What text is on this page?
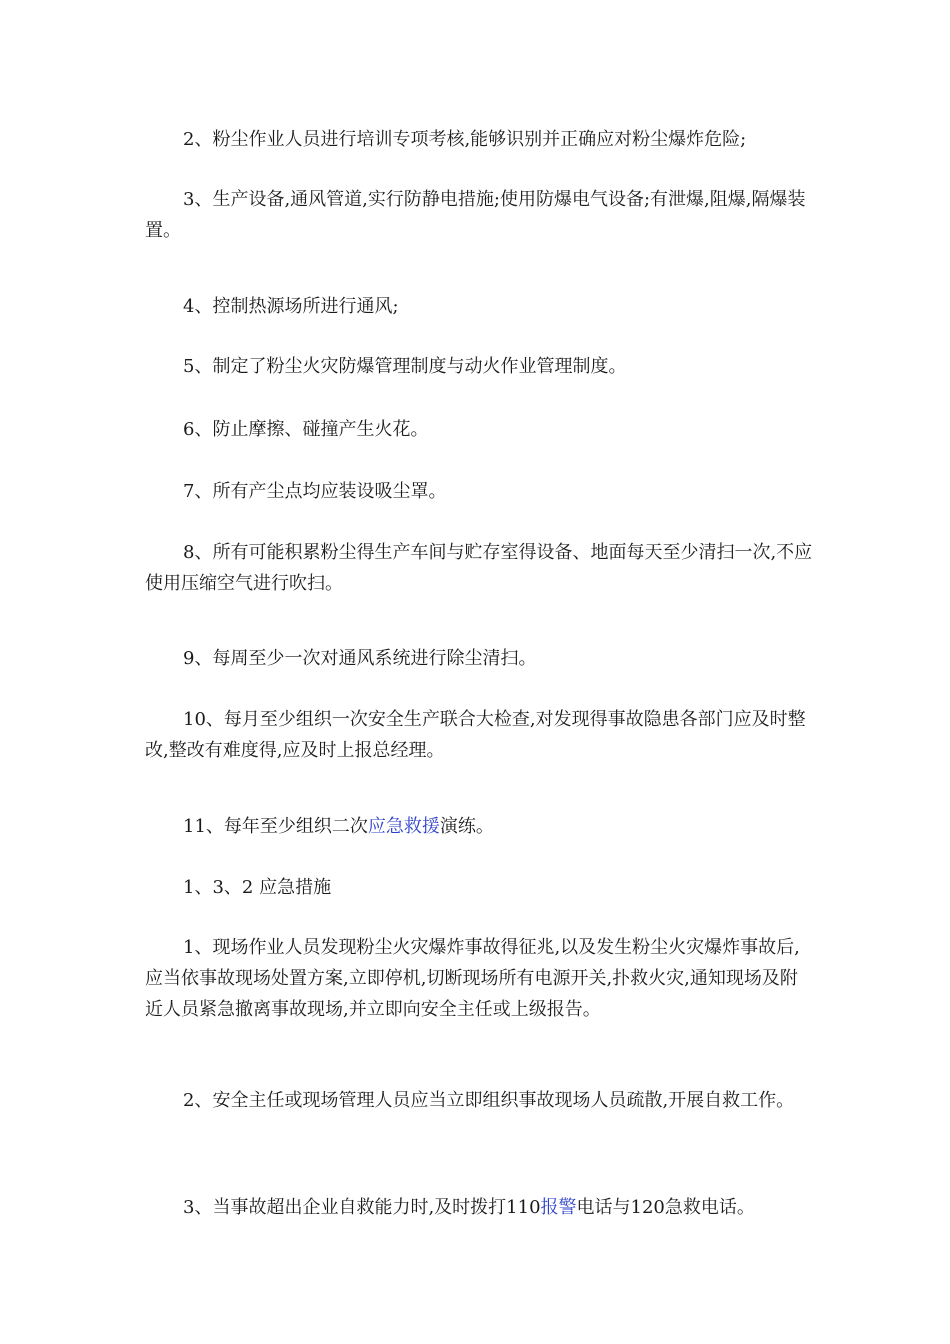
2、粉尘作业人员进行培训专项考核,能够识别并正确应对粉尘爆炸危险;

3、生产设备,通风管道,实行防静电措施;使用防爆电气设备;有泄爆,阻爆,隔爆装置。

4、控制热源场所进行通风;

5、制定了粉尘火灾防爆管理制度与动火作业管理制度。

6、防止摩擦、碰撞产生火花。

7、所有产尘点均应装设吸尘罩。

8、所有可能积累粉尘得生产车间与贮存室得设备、地面每天至少清扫一次,不应使用压缩空气进行吹扫。

9、每周至少一次对通风系统进行除尘清扫。

10、每月至少组织一次安全生产联合大检查,对发现得事故隐患各部门应及时整改,整改有难度得,应及时上报总经理。

11、每年至少组织二次应急救援演练。

1、3、2 应急措施

1、现场作业人员发现粉尘火灾爆炸事故得征兆,以及发生粉尘火灾爆炸事故后,应当依事故现场处置方案,立即停机,切断现场所有电源开关,扑救火灾,通知现场及附近人员紧急撤离事故现场,并立即向安全主任或上级报告。

2、安全主任或现场管理人员应当立即组织事故现场人员疏散,开展自救工作。

3、当事故超出企业自救能力时,及时拨打110报警电话与120急救电话。
